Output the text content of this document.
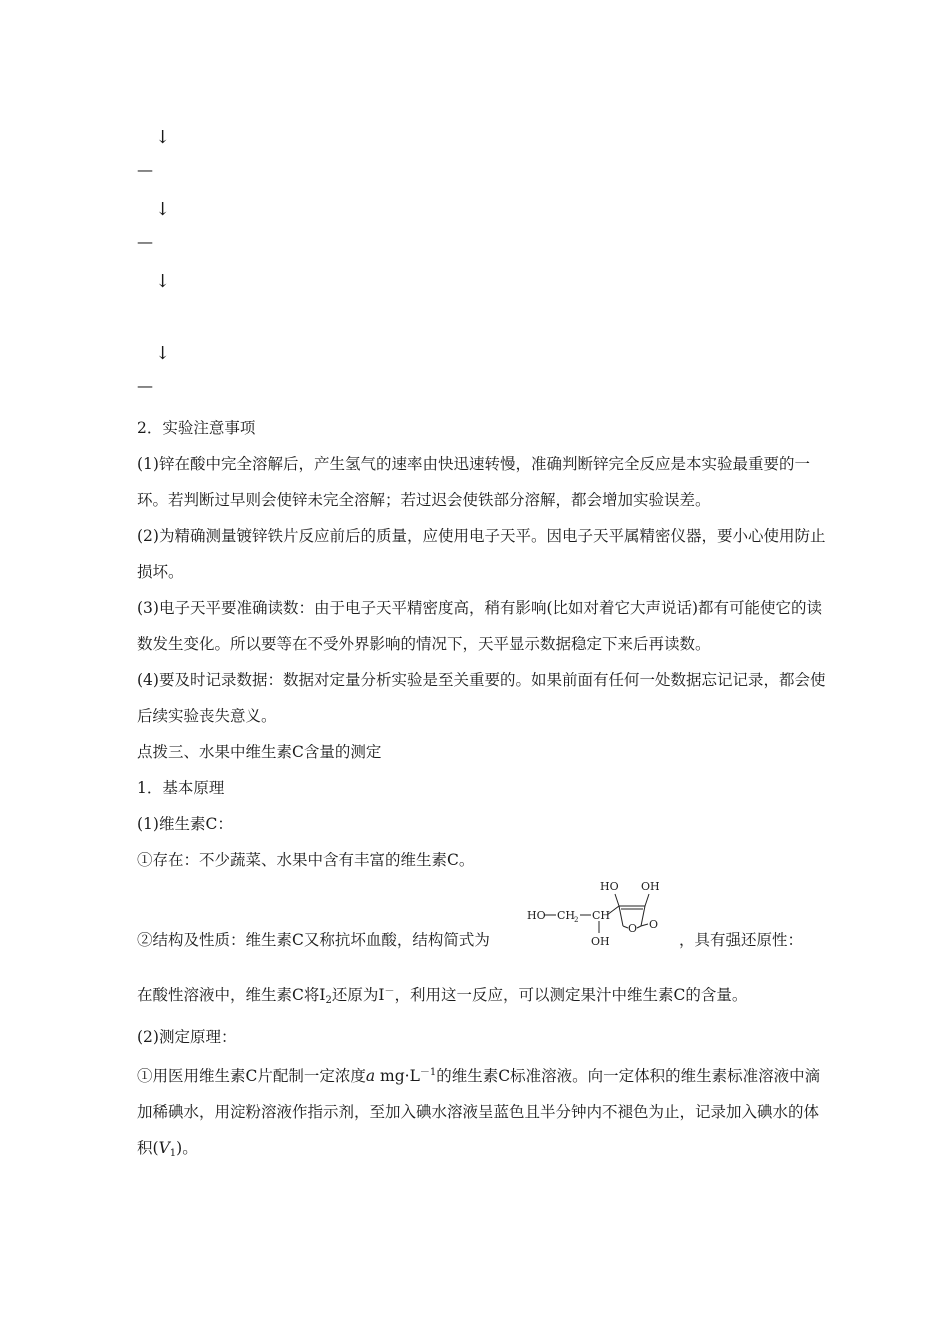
↓
—
↓
—
↓
↓
—

2．实验注意事项

(1)锌在酸中完全溶解后，产生氢气的速率由快迅速转慢，准确判断锌完全反应是本实验最重要的一环。若判断过早则会使锌未完全溶解；若过迟会使铁部分溶解，都会增加实验误差。

(2)为精确测量镀锌铁片反应前后的质量，应使用电子天平。因电子天平属精密仪器，要小心使用防止损坏。

(3)电子天平要准确读数：由于电子天平精密度高，稍有影响(比如对着它大声说话)都有可能使它的读数发生变化。所以要等在不受外界影响的情况下，天平显示数据稳定下来后再读数。

(4)要及时记录数据：数据对定量分析实验是至关重要的。如果前面有任何一处数据忘记记录，都会使后续实验丧失意义。

点拨三、水果中维生素C含量的测定

1．基本原理

(1)维生素C：

①存在：不少蔬菜、水果中含有丰富的维生素C。

②结构及性质：维生素C又称抗坏血酸，结构简式为
HO CH
2 CH
OH
O O
HO OH
，具有强还原性：

在酸性溶液中，维生素C将$I_2$还原为I－，利用这一反应，可以测定果汁中维生素C的含量。

(2)测定原理：

①用医用维生素C片配制一定浓度a $mg\cdot L^{-1}$的维生素C标准溶液。向一定体积的维生素标准溶液中滴加稀碘水，用淀粉溶液作指示剂，至加入碘水溶液呈蓝色且半分钟内不褪色为止，记录加入碘水的体积$(V_1)$。
